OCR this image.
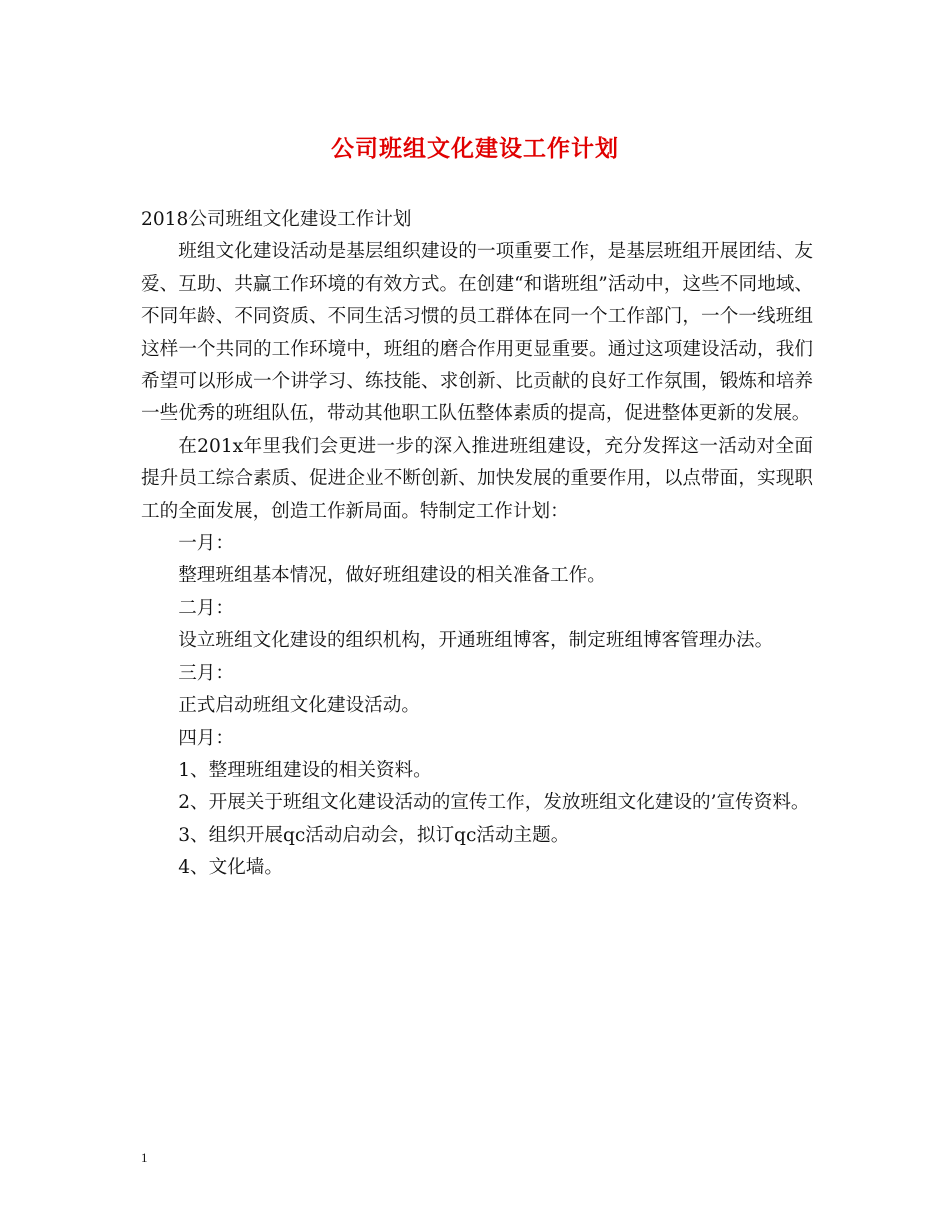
公司班组文化建设工作计划

2018公司班组文化建设工作计划

班组文化建设活动是基层组织建设的一项重要工作，是基层班组开展团结、友爱、互助、共赢工作环境的有效方式。在创建“和谐班组”活动中，这些不同地域、不同年龄、不同资质、不同生活习惯的员工群体在同一个工作部门，一个一线班组这样一个共同的工作环境中，班组的磨合作用更显重要。通过这项建设活动，我们希望可以形成一个讲学习、练技能、求创新、比贡献的良好工作氛围，锻炼和培养一些优秀的班组队伍，带动其他职工队伍整体素质的提高，促进整体更新的发展。

在201x年里我们会更进一步的深入推进班组建设，充分发挥这一活动对全面提升员工综合素质、促进企业不断创新、加快发展的重要作用，以点带面，实现职工的全面发展，创造工作新局面。特制定工作计划：

一月：

整理班组基本情况，做好班组建设的相关准备工作。

二月：

设立班组文化建设的组织机构，开通班组博客，制定班组博客管理办法。

三月：

正式启动班组文化建设活动。

四月：

1、整理班组建设的相关资料。

2、开展关于班组文化建设活动的宣传工作，发放班组文化建设的’宣传资料。

3、组织开展qc活动启动会，拟订qc活动主题。

4、文化墙。

1
